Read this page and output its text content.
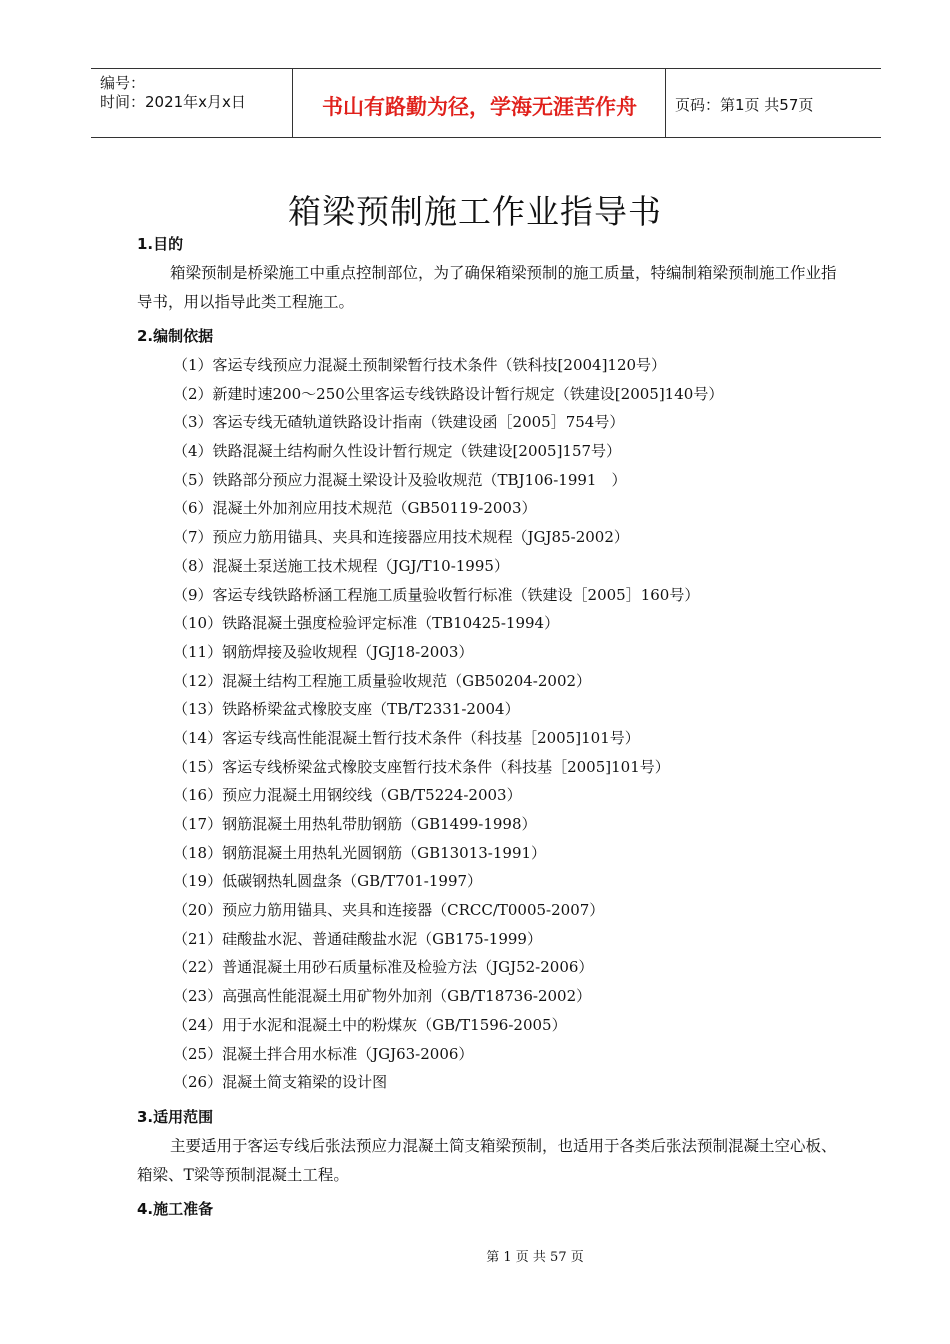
编号：
时间：2021年x月x日	书山有路勤为径，学海无涯苦作舟	页码：第1页 共57页
箱梁预制施工作业指导书
1.目的
箱梁预制是桥梁施工中重点控制部位，为了确保箱梁预制的施工质量，特编制箱梁预制施工作业指导书，用以指导此类工程施工。
2.编制依据
（1）客运专线预应力混凝土预制梁暂行技术条件（铁科技[2004]120号）
（2）新建时速200～250公里客运专线铁路设计暂行规定（铁建设[2005]140号）
（3）客运专线无碴轨道铁路设计指南（铁建设函［2005］754号）
（4）铁路混凝土结构耐久性设计暂行规定（铁建设[2005]157号）
（5）铁路部分预应力混凝土梁设计及验收规范（TBJ106-1991　）
（6）混凝土外加剂应用技术规范（GB50119-2003）
（7）预应力筋用锚具、夹具和连接器应用技术规程（JGJ85-2002）
（8）混凝土泵送施工技术规程（JGJ/T10-1995）
（9）客运专线铁路桥涵工程施工质量验收暂行标准（铁建设［2005］160号）
（10）铁路混凝土强度检验评定标准（TB10425-1994）
（11）钢筋焊接及验收规程（JGJ18-2003）
（12）混凝土结构工程施工质量验收规范（GB50204-2002）
（13）铁路桥梁盆式橡胶支座（TB/T2331-2004）
（14）客运专线高性能混凝土暂行技术条件（科技基［2005]101号）
（15）客运专线桥梁盆式橡胶支座暂行技术条件（科技基［2005]101号）
（16）预应力混凝土用钢绞线（GB/T5224-2003）
（17）钢筋混凝土用热轧带肋钢筋（GB1499-1998）
（18）钢筋混凝土用热轧光圆钢筋（GB13013-1991）
（19）低碳钢热轧圆盘条（GB/T701-1997）
（20）预应力筋用锚具、夹具和连接器（CRCC/T0005-2007）
（21）硅酸盐水泥、普通硅酸盐水泥（GB175-1999）
（22）普通混凝土用砂石质量标准及检验方法（JGJ52-2006）
（23）高强高性能混凝土用矿物外加剂（GB/T18736-2002）
（24）用于水泥和混凝土中的粉煤灰（GB/T1596-2005）
（25）混凝土拌合用水标准（JGJ63-2006）
（26）混凝土简支箱梁的设计图
3.适用范围
主要适用于客运专线后张法预应力混凝土简支箱梁预制，也适用于各类后张法预制混凝土空心板、箱梁、T梁等预制混凝土工程。
4.施工准备
第 1 页 共 57 页
